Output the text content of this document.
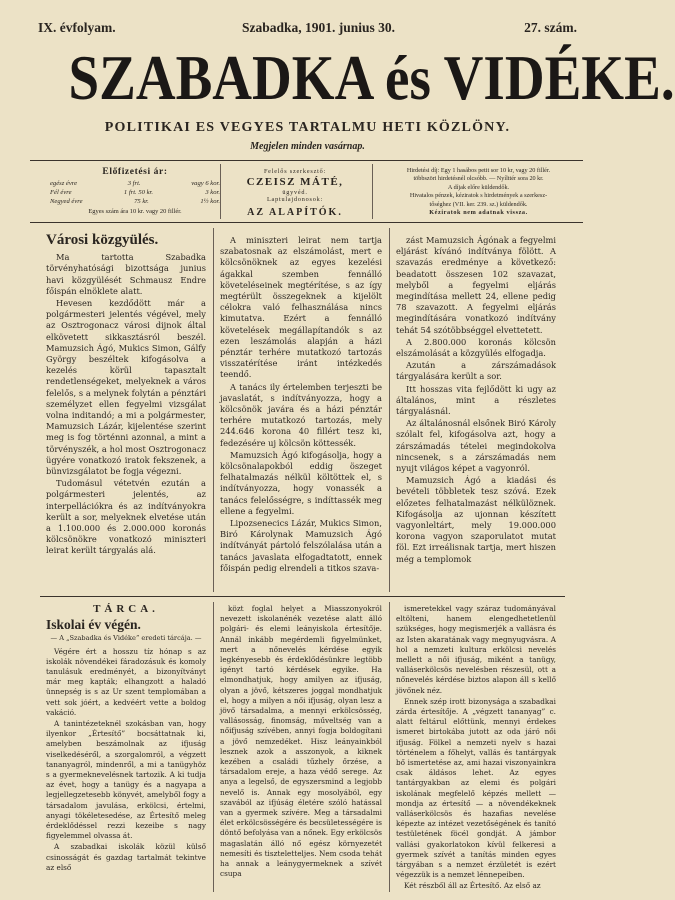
IX. évfolyam.	Szabadka, 1901. junius 30.	27. szám.
SZABADKA és VIDÉKE.
POLITIKAI ES VEGYES TARTALMU HETI KÖZLÖNY.
Megjelen minden vasárnap.
Előfizetési ár:
egész évre	3 frt.	vagy 6 kor.
Fél évre	1 frt. 50 kr.	3 kor.
Negyed évre	75 kr.	1½ kor.
Egyes szám ára 10 kr. vagy 20 fillér.
Felelős szerkesztő:
CZEISZ MÁTÉ,
ügyvéd.
Laptulajdonosok:
AZ ALAPÍTÓK.
Hirdetési díj: Egy 1 hasábos petit sor 10 kr, vagy 20 fillér.
többszöri hirdetésnél olcsóbb. — Nyílttér sora 20 kr.
A díjak előre küldendők.
Hivatalos pénzek, kéziratok s hirdetmények a szerkesz-
tőséghez (VII. ker. 239. sz.) küldendők.
Kéziratok nem adatnak vissza.
Városi közgyülés.

Ma tartotta Szabadka törvényhatósági bizottsága junius havi közgyülését Schmausz Endre főispán elnöklete alatt.

Hevesen kezdődött már a polgármesteri jelentés végével, mely az Osztrogonacz városi dijnok által elkövetett sikkasztásról beszél. Mamuzsich Ágó, Mukics Simon, Gálfy György beszéltek kifogásolva a kezelés körül tapasztalt rendetlenségeket, melyeknek a város felelős, s a melynek folytán a pénztári személyzet ellen fegyelmi vizsgálat volna inditandó; a mi a polgármester, Mamuzsich Lázár, kijelentése szerint meg is fog történni azonnal, a mint a törvényszék, a hol most Osztrogonacz ügyére vonatkozó iratok fekszenek, a bünvizsgálatot be fogja végezni.

Tudomásul vétetvén ezután a polgármesteri jelentés, az interpellációkra és az indítványokra került a sor, melyeknek elvetése után a 1.100.000 és 2.000.000 koronás kölcsönökre vonatkozó miniszteri leirat került tárgyalás alá.

A miniszteri leirat nem tartja szabatosnak az elszámolást, mert e kölcsönöknek az egyes kezelési ágakkal szemben fennálló követeléseinek megtérítése, s az így megtérült összegeknek a kijelölt célokra való felhasználása nincs kimutatva. Ezért a fennálló követelések megállapítandók s az ezen leszámolás alapján a házi pénztár terhére mutatkozó tartozás visszatérítése iránt intézkedés teendő.

A tanács ily értelemben terjeszti be javaslatát, s indítványozza, hogy a kölcsönök javára és a házi pénztár terhére mutatkozó tartozás, mely 244.646 korona 40 fillért tesz ki, fedezésére uj kölcsön köttessék.

Mamuzsich Ágó kifogásolja, hogy a kölcsönalapokból eddig öszeget felhatalmazás nélkül költöttek el, s indítványozza, hogy vonassék a tanács felelősségre, s indíttassék meg ellene a fegyelmi.

Lipozsenecics Lázár, Mukics Simon, Biró Károlynak Mamuzsich Ágó indítványát pártoló felszólalása után a tanács javaslata elfogadtatott, ennek főispán pedig elrendeli a titkos szava-

zást Mamuzsich Ágónak a fegyelmi eljárást kívánó indítványa fölött. A szavazás eredménye a következő: beadatott összesen 102 szavazat, melyből a fegyelmi eljárás megindítása mellett 24, ellene pedig 78 szavazott. A fegyelmi eljárás megindítására vonatkozó indítvány tehát 54 szótöbbséggel elvettetett.

A 2.800.000 koronás kölcsön elszámolását a közgyülés elfogadja.

Azután a zárszámadások tárgyalására került a sor.

Itt hosszas vita fejlődött ki ugy az általános, mint a részletes tárgyalásnál.

Az általánosnál elsőnek Biró Károly szólalt fel, kifogásolva azt, hogy a zárszámadás tételei megindokolva nincsenek, s a zárszámadás nem nyujt világos képet a vagyonról.

Mamuzsich Ágó a kiadási és bevételi többletek tesz szóvá. Ezek előzetes felhatalmazást nélkülöznek. Kifogásolja az ujonnan készített vagyonleltárt, mely 19.000.000 korona vagyon szaporulatot mutat föl. Ezt irreálisnak tartja, mert hiszen még a templomok

TÁRCA.
Iskolai év végén.

— A „Szabadka és Vidéke” eredeti tárcája. —

Végére ért a hosszu tíz hónap s az iskolák növendékei fáradozásuk és komoly tanulásuk eredményét, a bizonyítványt már meg kapták; elhangzott a haladó ünnepség is s az Ur szent templomában a vett sok jóért, a kedvéért vette a boldog vakáció.

A tanintézeteknél szokásban van, hogy ilyenkor „Értesítő” bocsáttatnak ki, amelyben beszámolnak az ifjuság viselkedéséről, a szorgalomról, a végzett tananyagról, mindenről, a mi a tanügyhöz s a gyermeknevelésnek tartozik. A ki tudja az évet, hogy a tanügy és a nagyapa a legjellegzetesebb könyvét, amelyből fogy a társadalom javulása, erkölcsi, értelmi, anyagi tökéletesedése, az Értesítő meleg érdeklődéssel rezzi kezeibe s nagy figyelemmel olvassa át.

A szabadkai iskolák közül külső csinosságát és gazdag tartalmát tekintve az első

közt foglal helyet a Miasszonyokról nevezett iskolanénék vezetése alatt álló polgári- és elemi leányiskola értesítője. Annál inkább megérdemli figyelmünket, mert a nőnevelés kérdése egyik legkényesebb és érdeklődésünkre legtöbb igényt tartó kérdések egyike. Ha elmondhatjuk, hogy amilyen az ifjuság, olyan a jövő, kétszeres joggal mondhatjuk el, hogy a milyen a női ifjuság, olyan lesz a jövő társadalma, a mennyi erkölcsösség, vallásosság, finomság, műveltség van a nőifjuság szívében, annyi fogja boldogítani a jövő nemzedéket. Hisz leányainkból lesznek azok a asszonyok, a kiknek kezében a családi tűzhely őrzése, a társadalom ereje, a haza védő serege. Az anya a legelső, de egyszersmind a legjobb nevelő is. Annak egy mosolyából, egy szavából az ifjúság életére szóló hatással van a gyermek szívére. Meg a társadalmi élet erkölcsösségére és becsületességére is döntő befolyása van a nőnek. Egy erkölcsös magaslatán álló nő egész környezetét nemesíti és tiszteletteljes. Nem csoda tehát ha annak a leánygyermeknek a szívét csupa

ismeretekkel vagy száraz tudományával eltölteni, hanem elengedhetetlenül szükséges, hogy megismerjék a vallásra és az Isten akaratának vagy megnyugvásra. A hol a nemzeti kultura erkölcsi nevelés mellett a női ifjuság, miként a tanügy, valláserkölcsös nevelésben részesül, ott a nőnevelés kérdése biztos alapon áll s kellő jövőnek néz.

Ennek szép irott bizonysága a szabadkai zárda értesítője. A „végzett tananyag” c. alatt feltárul előttünk, mennyi érdekes ismeret birtokába jutott az oda járó női ifjuság. Fölkel a nemzeti nyelv s hazai történelem a főhelyt, vallás és tantárgyak bő ismertetése az, ami hazai viszonyainkra csak áldásos lehet. Az egyes tantárgyakban az elemi és polgári iskolának megfelelő képzés mellett — mondja az értesítő — a növendékeknek valláserkölcsös és hazafias nevelése képezte az intézet vezetőségének és tanító testületének föcél gondját. A jámbor vallási gyakorlatokon kívül felkeresi a gyermek szívét a tanítás minden egyes tárgyában s a nemzet érzületét is ezért végezzük is a nemzet lénnepeiben.

Két részből áll az Értesítő. Az első az
